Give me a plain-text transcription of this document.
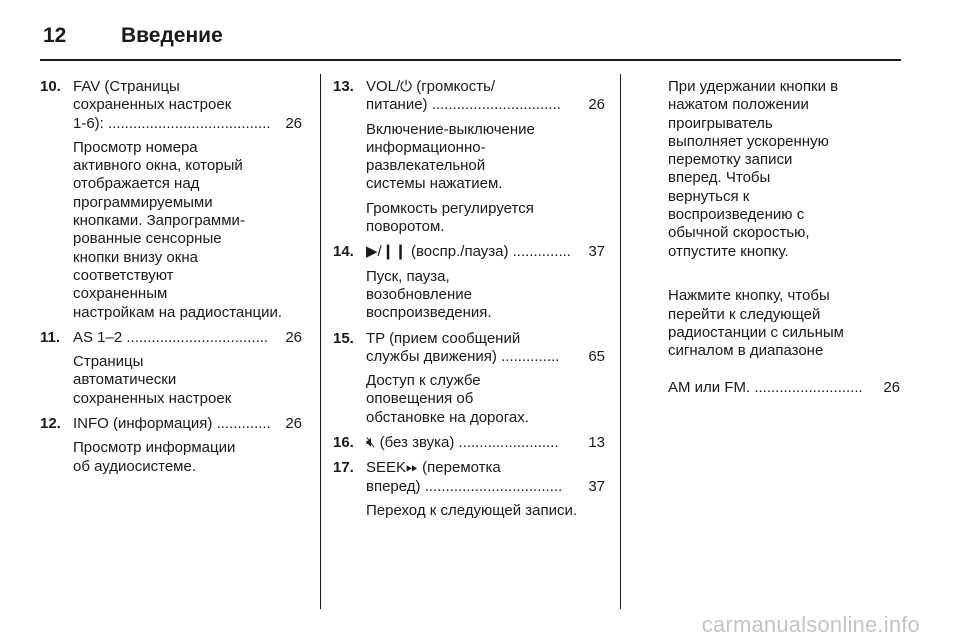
12	Введение
10. FAV (Страницы
сохраненных настроек
1-6): ....................................... 26
Просмотр номера
активного окна, который
отображается над
программируемыми
кнопками. Запрограмми-
рованные сенсорные
кнопки внизу окна
соответствуют
сохраненным
настройкам на радиостанции.
11. AS 1–2 ..................................	26
Страницы
автоматически
сохраненных настроек
12. INFO (информация) ............. 26
Просмотр информации
об аудиосистеме.
13. VOL/⏻ (громкость/
питание) ...............................	26
Включение-выключение
информационно-
развлекательной
системы нажатием.
Громкость регулируется
поворотом.
14. ▶/❙❙ (воспр./пауза) ..............	37
Пуск, пауза,
возобновление
воспроизведения.
15. TP (прием сообщений
службы движения) ..............	65
Доступ к службе
оповещения об
обстановке на дорогах.
16. 🔇︎ (без звука) ........................	13
17. SEEK⏩︎ (перемотка
вперед) .................................	37
Переход к следующей записи.
При удержании кнопки в
нажатом положении
проигрыватель
выполняет ускоренную
перемотку записи
вперед. Чтобы
вернуться к
воспроизведению с
обычной скоростью,
отпустите кнопку.

Нажмите кнопку, чтобы
перейти к следующей
радиостанции с сильным
сигналом в диапазоне

AM или FM. ..........................	26

carmanualsonline.info
